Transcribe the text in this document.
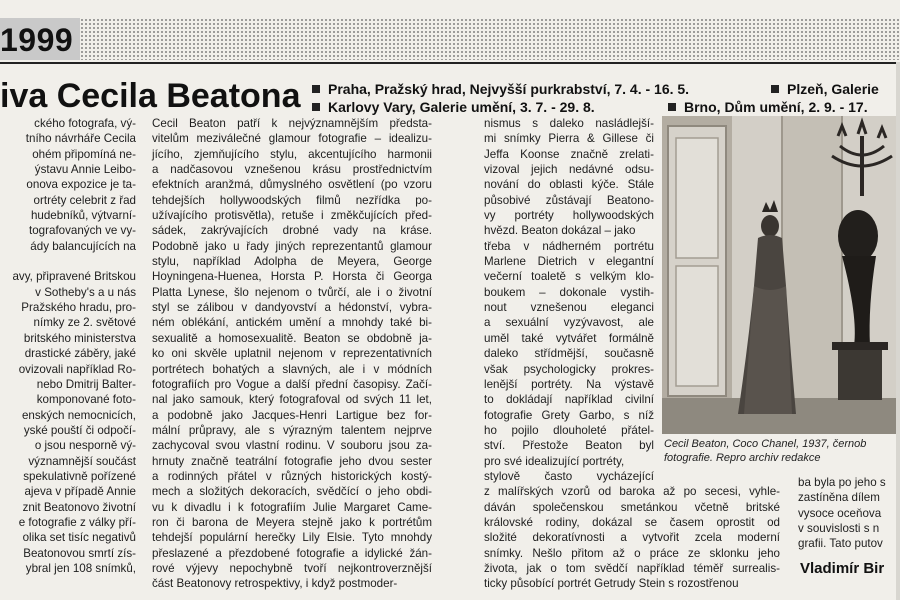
1999
iva Cecila Beatona	Praha, Pražský hrad, Nejvyšší purkrabství, 7. 4. - 16. 5.	Plzeň, Galerie
Karlovy Vary, Galerie umění, 3. 7. - 29. 8.	Brno, Dům umění, 2. 9. - 17.
ckého fotografa, vý-
tního návrháře Cecila
ohém připomíná ne-
ýstavu Annie Leibo-
onova expozice je ta-
ortréty celebrit z řad
hudebníků, výtvarní-
tografovaných ve vy-
ády balancujících na

avy, připravené Britskou
v Sotheby's a u nás
Pražského hradu, pro-
nímky ze 2. světové
britského ministerstva
drastické záběry, jaké
ovizovali například Ro-
nebo Dmitrij Balter-
komponované foto-
enských nemocnicích,
yské pouští či odpočí-
o jsou nesporně vý-
významnější součást
spekulativně pořízené
ajeva v případě Annie
znit Beatonovo životní
e fotografie z války pří-
olika set tisíc negativů
Beatonovou smrtí zís-
ybral jen 108 snímků,
Cecil Beaton patří k nejvýznamnějším předsta-
vitelům meziválečné glamour fotografie – idealizu-
jícího, zjemňujícího stylu, akcentujícího harmonii
a nadčasovou vznešenou krásu prostřednictvím
efektních aranžmá, důmyslného osvětlení (po vzoru
tehdejších hollywoodských filmů nezřídka po-
užívajícího protisvětla), retuše i změkčujících před-
sádek, zakrývajících drobné vady na kráse.
Podobně jako u řady jiných reprezentantů glamour
stylu, například Adolpha de Meyera, George
Hoyningena-Huenea, Horsta P. Horsta či Georga
Platta Lynese, šlo nejenom o tvůrčí, ale i o životní
styl se zálibou v dandyovství a hédonství, vybra-
ném oblékání, antickém umění a mnohdy také bi-
sexualitě a homosexualitě. Beaton se obdobně ja-
ko oni skvěle uplatnil nejenom v reprezentativních
portrétech bohatých a slavných, ale i v módních
fotografiích pro Vogue a další přední časopisy. Začí-
nal jako samouk, který fotografoval od svých 11 let,
a podobně jako Jacques-Henri Lartigue bez for-
mální průpravy, ale s výrazným talentem nejprve
zachycoval svou vlastní rodinu. V souboru jsou za-
hrnuty značně teatrální fotografie jeho dvou sester
a rodinných přátel v různých historických kostý-
mech a složitých dekoracích, svědčící o jeho obdi-
vu k divadlu i k fotografiím Julie Margaret Came-
ron či barona de Meyera stejně jako k portrétům
tehdejší populární herečky Lily Elsie. Tyto mnohdy
přeslazené a přezdobené fotografie a idylické žán-
rové výjevy nepochybně tvoří nejkontroverznější
část Beatonovy retrospektivy, i když postmoder-
nismus s dalekо nasládlejší-
mi snímky Pierra & Gillese či
Jeffa Koonse značně zrelati-
vizoval jejich nedávné odsu-
nování do oblasti kýče. Stále
působivé zůstávají Beatono-
vy portréty hollywoodských
hvězd. Beaton dokázal – jako
třeba v nádherném portrétu
Marlene Dietrich v elegantní
večerní toaletě s velkým klo-
boukem – dokonale vystih-
nout vznešenou eleganci
a sexuální vyzývavost, ale
uměl také vytvářet formálně
daleko střídmější, současně
však psychologicky prokres-
lenější portréty. Na výstavě
to dokládají například civilní
fotografie Grety Garbo, s níž
ho pojilo dlouholeté přátel-
ství. Přestože Beaton byl
pro své idealizující portréty,
stylově často vycházející
z malířských vzorů od baroka až po secesi, vyhle-
dáván společenskou smetánkou včetně britské
královské rodiny, dokázal se časem oprostit od
složité dekoratívnosti a vytvořit zcela moderní
snímky. Nešlo přitom až o práce ze sklonku jeho
života, jak o tom svědčí například téměř surrealis-
ticky působící portrét Getrudy Stein s rozostřenou
Cecil Beaton, Coco Chanel, 1937, černob
fotografie. Repro archiv redakce
ba byla po jeho s
zastíněna dílem
vysoce oceňova
v souvislosti s n
grafii. Tato putov
Vladimír Bir
